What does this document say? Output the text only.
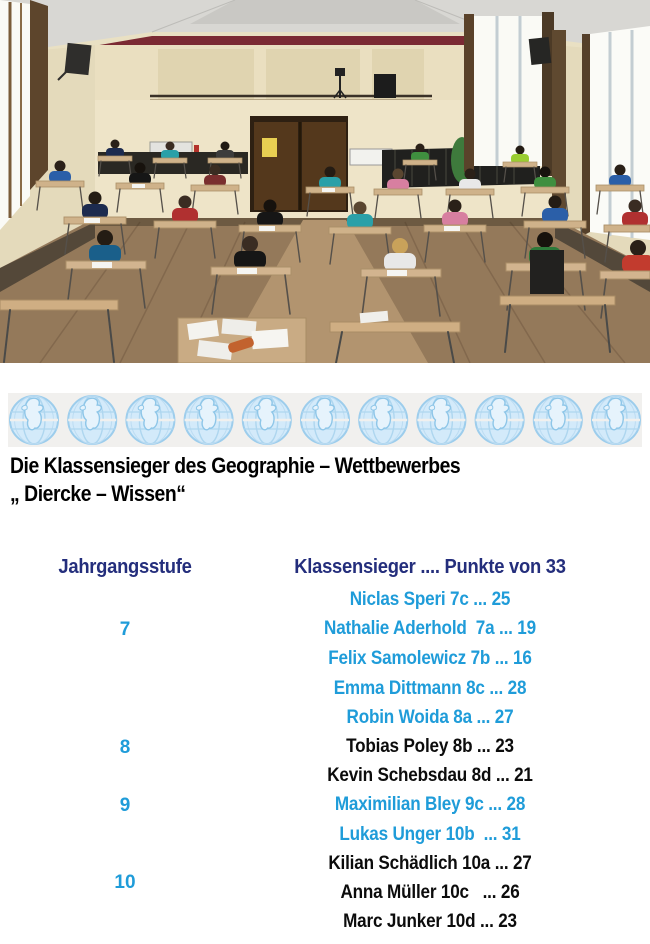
Die Klassensieger des Geographie – Wettbewerbes
„ Diercke – Wissen“
Jahrgangsstufe	Klassensieger .... Punkte von 33
7
8
9
10
Niclas Speri 7c ... 25
Nathalie Aderhold  7a ... 19
Felix Samolewicz 7b ... 16
Emma Dittmann 8c ... 28
Robin Woida 8a ... 27
Tobias Poley 8b ... 23
Kevin Schebsdau 8d ... 21
Maximilian Bley 9c ... 28
Lukas Unger 10b  ... 31
Kilian Schädlich 10a ... 27
Anna Müller 10c   ... 26
Marc Junker 10d ... 23
